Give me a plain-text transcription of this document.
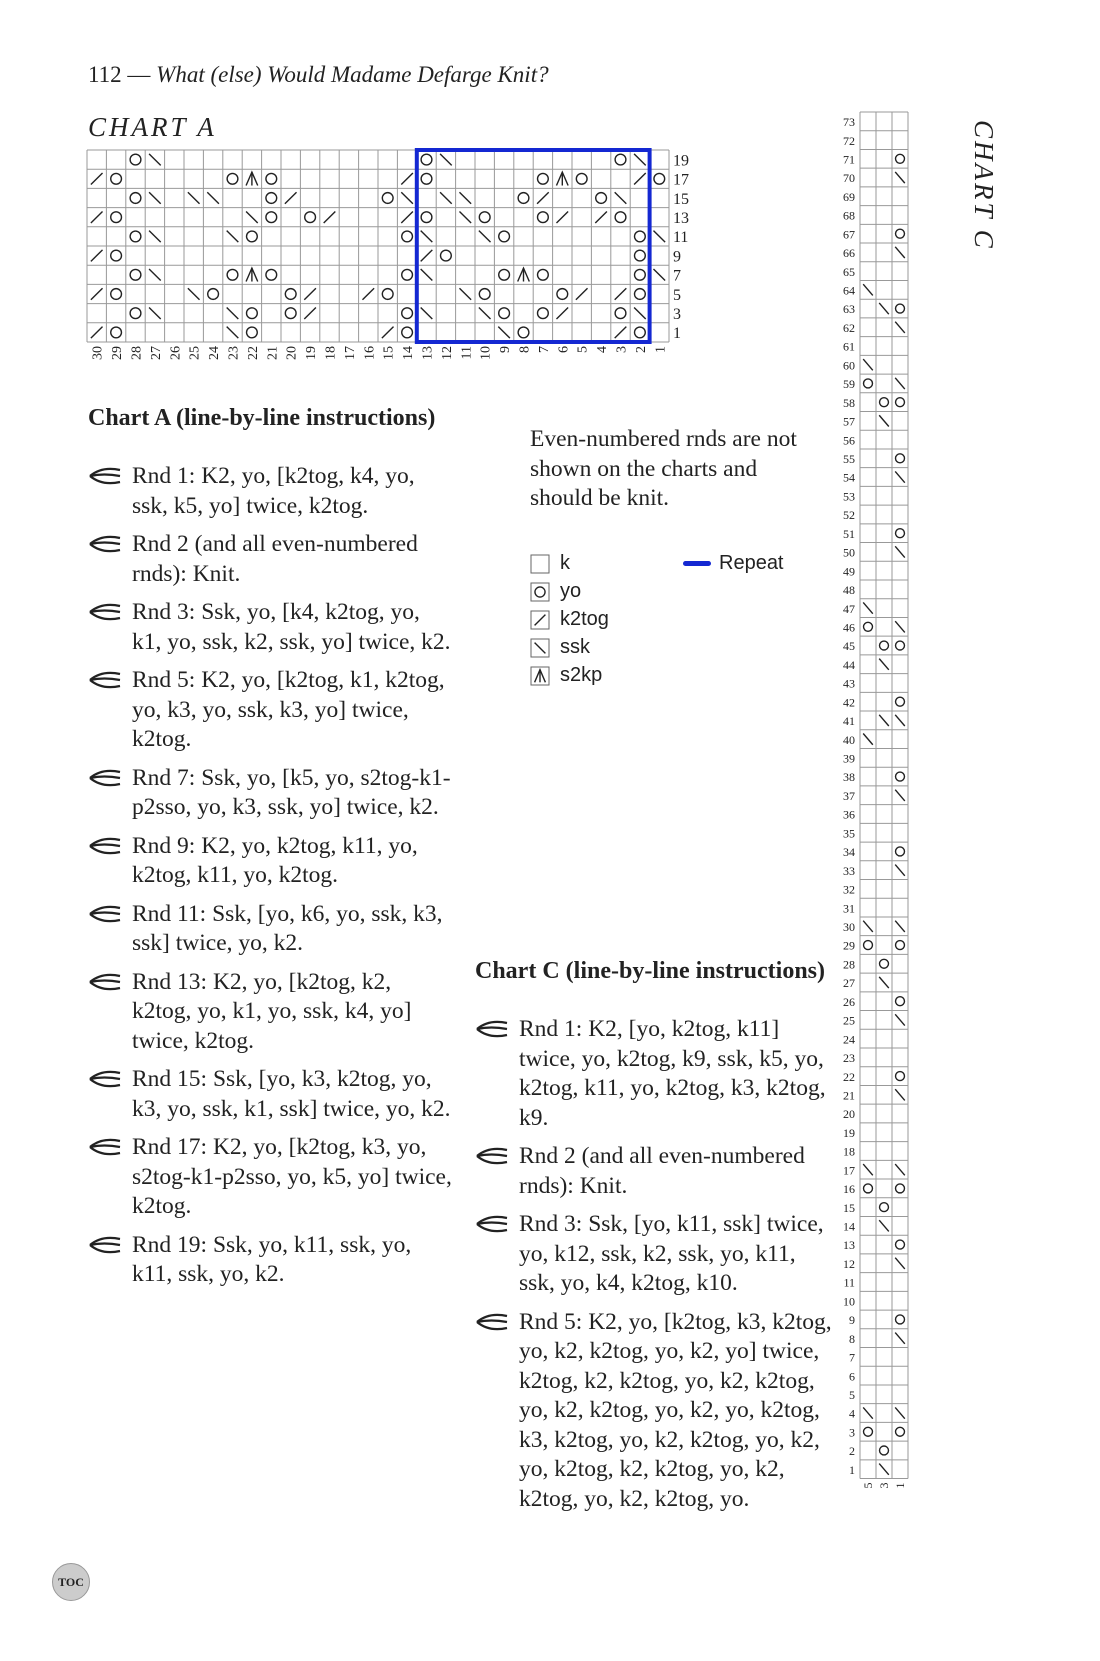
112 — What (else) Would Madame Defarge Knit?
CHART A
19
17
15
13
11
9
7
5
3
1
30 29 28 27 26 25 24 23 22 21 20 19 18 17 16 15 14 13 12 11 10 9 8 7 6 5 4 3 2 1
Chart A (line-by-line instructions)
Rnd 1: K2, yo, [k2tog, k4, yo, ssk, k5, yo] twice, k2tog.
Rnd 2 (and all even-numbered rnds): Knit.
Rnd 3: Ssk, yo, [k4, k2tog, yo, k1, yo, ssk, k2, ssk, yo] twice, k2.
Rnd 5: K2, yo, [k2tog, k1, k2tog, yo, k3, yo, ssk, k3, yo] twice, k2tog.
Rnd 7: Ssk, yo, [k5, yo, s2tog-k1-p2sso, yo, k3, ssk, yo] twice, k2.
Rnd 9: K2, yo, k2tog, k11, yo, k2tog, k11, yo, k2tog.
Rnd 11: Ssk, [yo, k6, yo, ssk, k3, ssk] twice, yo, k2.
Rnd 13: K2, yo, [k2tog, k2, k2tog, yo, k1, yo, ssk, k4, yo] twice, k2tog.
Rnd 15: Ssk, [yo, k3, k2tog, yo, k3, yo, ssk, k1, ssk] twice, yo, k2.
Rnd 17: K2, yo, [k2tog, k3, yo, s2tog-k1-p2sso, yo, k5, yo] twice, k2tog.
Rnd 19: Ssk, yo, k11, ssk, yo, k11, ssk, yo, k2.
Even-numbered rnds are not shown on the charts and should be knit.
k
yo
k2tog
ssk
s2kp
Repeat
Chart C (line-by-line instructions)
Rnd 1: K2, [yo, k2tog, k11] twice, yo, k2tog, k9, ssk, k5, yo, k2tog, k11, yo, k2tog, k3, k2tog, k9.
Rnd 2 (and all even-numbered rnds): Knit.
Rnd 3: Ssk, [yo, k11, ssk] twice, yo, k12, ssk, k2, ssk, yo, k11, ssk, yo, k4, k2tog, k10.
Rnd 5: K2, yo, [k2tog, k3, k2tog, yo, k2, k2tog, yo, k2, yo] twice, k2tog, k2, k2tog, yo, k2, k2tog, yo, k2, k2tog, yo, k2, yo, k2tog, k3, k2tog, yo, k2, k2tog, yo, k2, yo, k2tog, k2, k2tog, yo, k2, k2tog, yo, k2, k2tog, yo.
CHART C
5 3 1
TOC
73
72
71
70
69
68
67
66
65
64
63
62
61
60
59
58
57
56
55
54
53
52
51
50
49
48
47
46
45
44
43
42
41
40
39
38
37
36
35
34
33
32
31
30
29
28
27
26
25
24
23
22
21
20
19
18
17
16
15
14
13
12
11
10
9
8
7
6
5
4
3
2
1
